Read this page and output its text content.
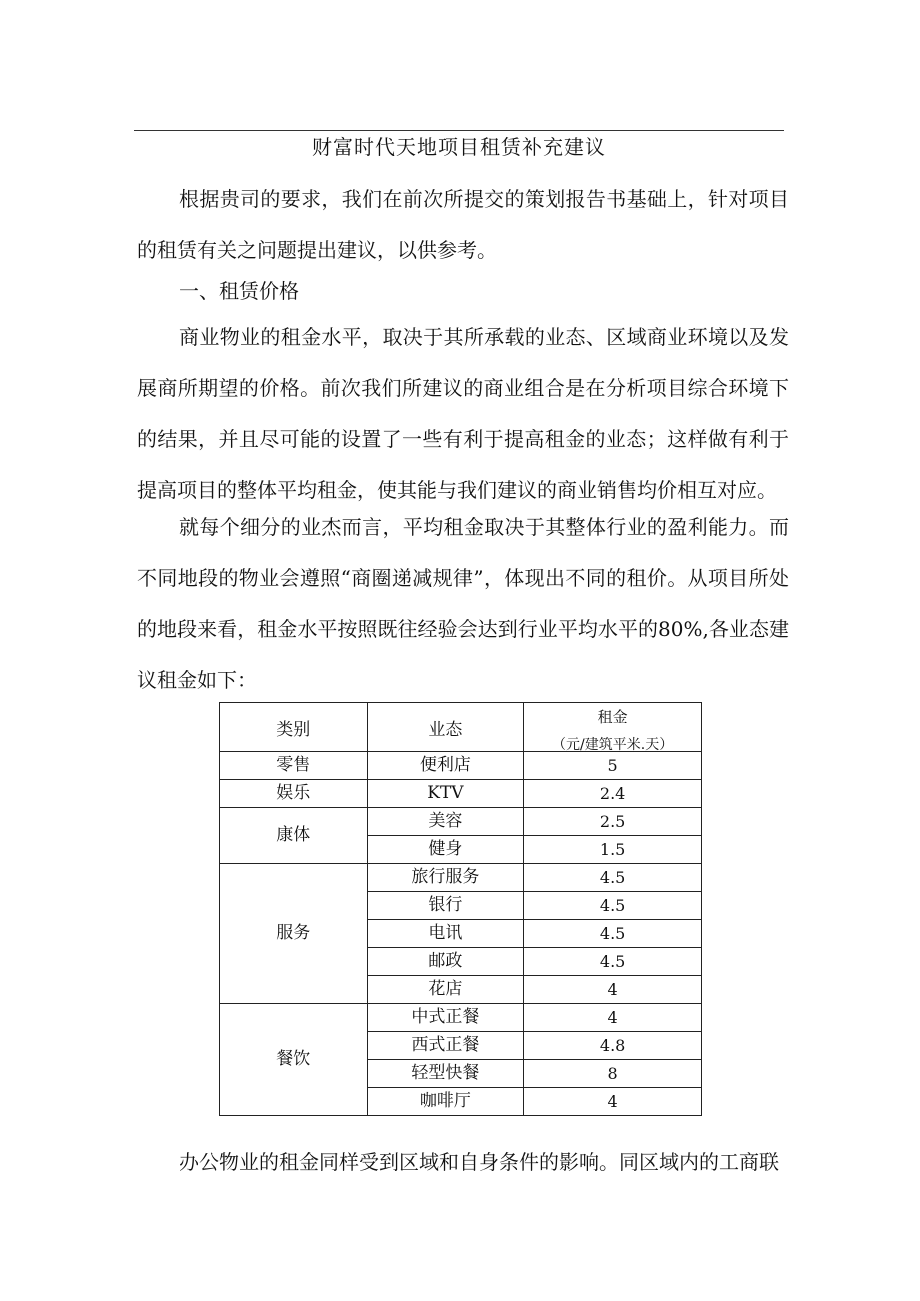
财富时代天地项目租赁补充建议

根据贵司的要求，我们在前次所提交的策划报告书基础上，针对项目的租赁有关之问题提出建议，以供参考。

一、租赁价格

商业物业的租金水平，取决于其所承载的业态、区域商业环境以及发展商所期望的价格。前次我们所建议的商业组合是在分析项目综合环境下的结果，并且尽可能的设置了一些有利于提高租金的业态；这样做有利于提高项目的整体平均租金，使其能与我们建议的商业销售均价相互对应。

就每个细分的业杰而言，平均租金取决于其整体行业的盈利能力。而不同地段的物业会遵照“商圈递减规律”，体现出不同的租价。从项目所处的地段来看，租金水平按照既往经验会达到行业平均水平的80%,各业态建议租金如下：

类别	业态	租金
（元/建筑平米.天）

零售	便利店	5
娱乐	KTV	2.4
康体	美容	2.5
	健身	1.5
服务	旅行服务	4.5
	银行	4.5
	电讯	4.5
	邮政	4.5
	花店	4
餐饮	中式正餐	4
	西式正餐	4.8
	轻型快餐	8
	咖啡厅	4

办公物业的租金同样受到区域和自身条件的影响。同区域内的工商联
